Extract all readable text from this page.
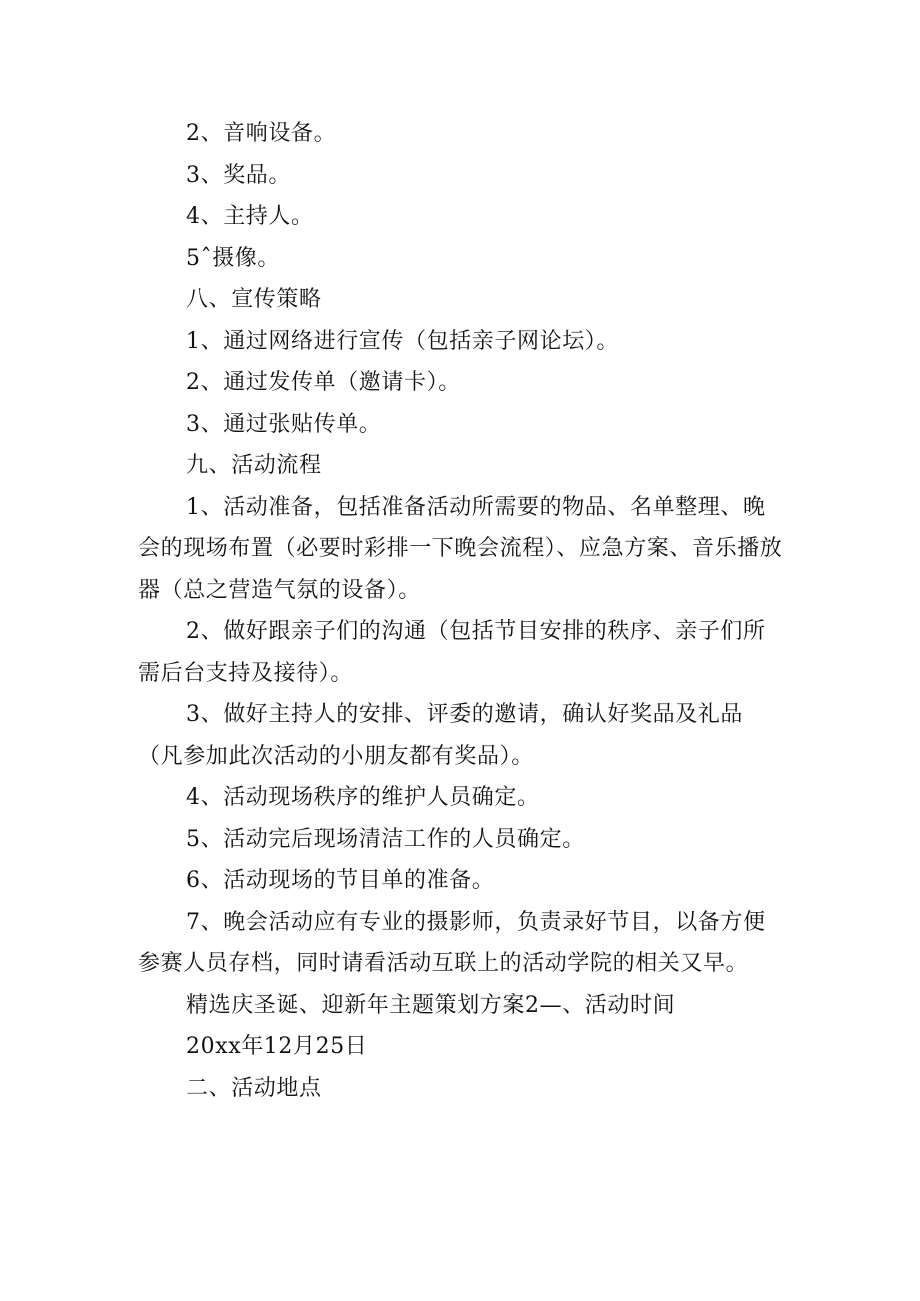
2、音响设备。

3、奖品。

4、主持人。

5ˆ摄像。

八、宣传策略

1、通过网络进行宣传（包括亲子网论坛）。

2、通过发传单（邀请卡）。

3、通过张贴传单。

九、活动流程

1、活动准备，包括准备活动所需要的物品、名单整理、晚会的现场布置（必要时彩排一下晚会流程）、应急方案、音乐播放器（总之营造气氛的设备）。

2、做好跟亲子们的沟通（包括节目安排的秩序、亲子们所需后台支持及接待）。

3、做好主持人的安排、评委的邀请，确认好奖品及礼品（凡参加此次活动的小朋友都有奖品）。

4、活动现场秩序的维护人员确定。

5、活动完后现场清洁工作的人员确定。

6、活动现场的节目单的准备。

7、晚会活动应有专业的摄影师，负责录好节目，以备方便参赛人员存档，同时请看活动互联上的活动学院的相关又早。

精选庆圣诞、迎新年主题策划方案2—、活动时间

20xx年12月25日

二、活动地点
